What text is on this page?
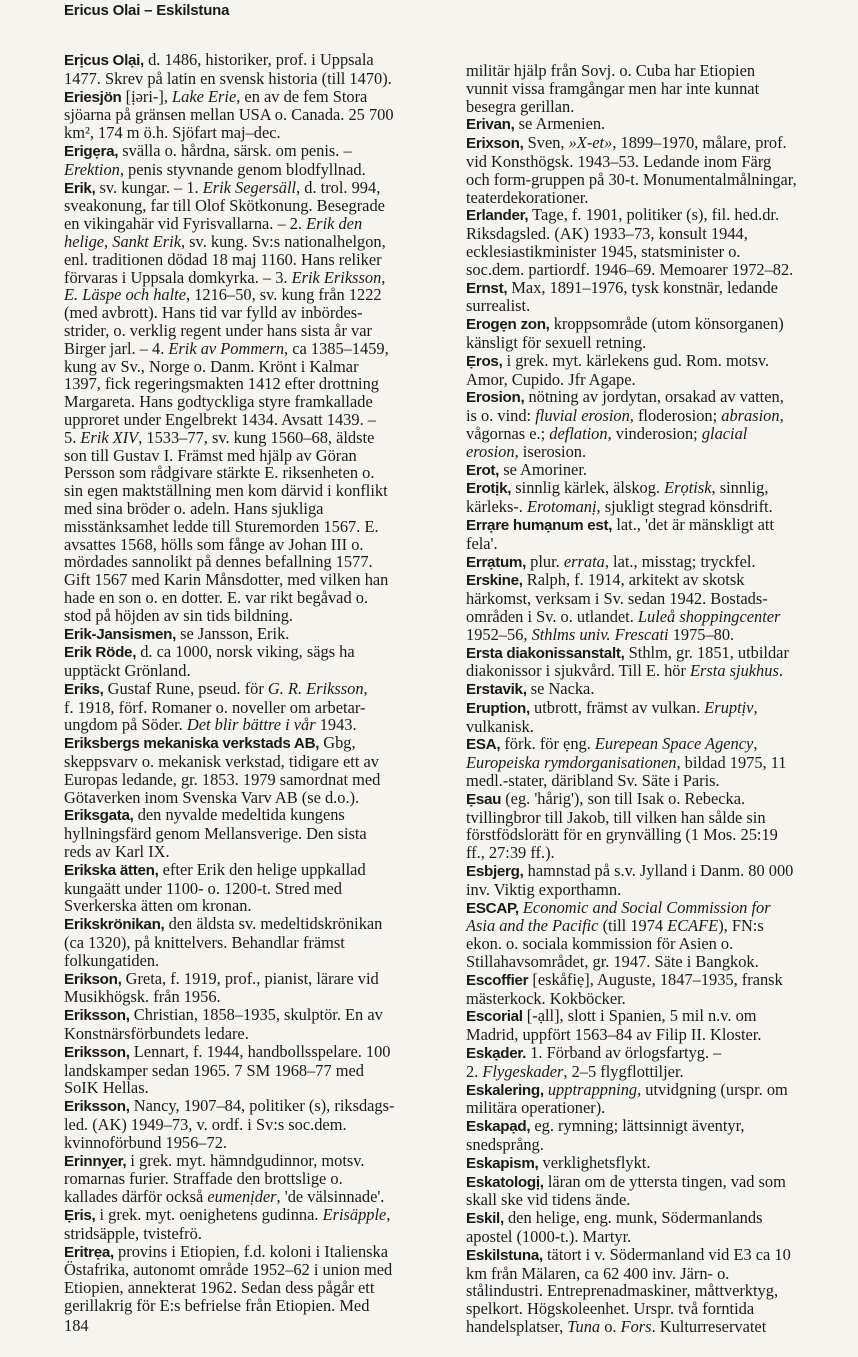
Ericus Olai – Eskilstuna
Erịcus Olại, d. 1486, historiker, prof. i Uppsala
1477. Skrev på latin en svensk historia (till 1470).
Eriesjön [ịəri-], Lake Erie, en av de fem Stora
sjöarna på gränsen mellan USA o. Canada. 25 700
km², 174 m ö.h. Sjöfart maj–dec.
Erigẹra, svälla o. hårdna, särsk. om penis. –
Erektion, penis styvnande genom blodfyllnad.
Erik, sv. kungar. – 1. Erik Segersäll, d. trol. 994,
sveakonung, far till Olof Skötkonung. Besegrade
en vikingahär vid Fyrisvallarna. – 2. Erik den
helige, Sankt Erik, sv. kung. Sv:s nationalhelgon,
enl. traditionen dödad 18 maj 1160. Hans reliker
förvaras i Uppsala domkyrka. – 3. Erik Eriksson,
E. Läspe och halte, 1216–50, sv. kung från 1222
(med avbrott). Hans tid var fylld av inbördes-
strider, o. verklig regent under hans sista år var
Birger jarl. – 4. Erik av Pommern, ca 1385–1459,
kung av Sv., Norge o. Danm. Krönt i Kalmar
1397, fick regeringsmakten 1412 efter drottning
Margareta. Hans godtyckliga styre framkallade
upproret under Engelbrekt 1434. Avsatt 1439. –
5. Erik XIV, 1533–77, sv. kung 1560–68, äldste
son till Gustav I. Främst med hjälp av Göran
Persson som rådgivare stärkte E. riksenheten o.
sin egen maktställning men kom därvid i konflikt
med sina bröder o. adeln. Hans sjukliga
misstänksamhet ledde till Sturemorden 1567. E.
avsattes 1568, hölls som fånge av Johan III o.
mördades sannolikt på dennes befallning 1577.
Gift 1567 med Karin Månsdotter, med vilken han
hade en son o. en dotter. E. var rikt begåvad o.
stod på höjden av sin tids bildning.
Erik-Jansismen, se Jansson, Erik.
Erik Röde, d. ca 1000, norsk viking, sägs ha
upptäckt Grönland.
Eriks, Gustaf Rune, pseud. för G. R. Eriksson,
f. 1918, förf. Romaner o. noveller om arbetar-
ungdom på Söder. Det blir bättre i vår 1943.
Eriksbergs mekaniska verkstads AB, Gbg,
skeppsvarv o. mekanisk verkstad, tidigare ett av
Europas ledande, gr. 1853. 1979 samordnat med
Götaverken inom Svenska Varv AB (se d.o.).
Eriksgata, den nyvalde medeltida kungens
hyllningsfärd genom Mellansverige. Den sista
reds av Karl IX.
Erikska ätten, efter Erik den helige uppkallad
kungaätt under 1100- o. 1200-t. Stred med
Sverkerska ätten om kronan.
Erikskrönikan, den äldsta sv. medeltidskrönikan
(ca 1320), på knittelvers. Behandlar främst
folkungatiden.
Erikson, Greta, f. 1919, prof., pianist, lärare vid
Musikhögsk. från 1956.
Eriksson, Christian, 1858–1935, skulptör. En av
Konstnärsförbundets ledare.
Eriksson, Lennart, f. 1944, handbollsspelare. 100
landskamper sedan 1965. 7 SM 1968–77 med
SoIK Hellas.
Eriksson, Nancy, 1907–84, politiker (s), riksdags-
led. (AK) 1949–73, v. ordf. i Sv:s soc.dem.
kvinnoförbund 1956–72.
Erinnỵer, i grek. myt. hämndgudinnor, motsv.
romarnas furier. Straffade den brottslige o.
kallades därför också eumenịder, 'de välsinnade'.
Ẹris, i grek. myt. oenighetens gudinna. Erisäpple,
stridsäpple, tvistefrö.
Eritrẹa, provins i Etiopien, f.d. koloni i Italienska
Östafrika, autonomt område 1952–62 i union med
Etiopien, annekterat 1962. Sedan dess pågår ett
gerillakrig för E:s befrielse från Etiopien. Med
militär hjälp från Sovj. o. Cuba har Etiopien
vunnit vissa framgångar men har inte kunnat
besegra gerillan.
Erivan, se Armenien.
Erixson, Sven, »X-et», 1899–1970, målare, prof.
vid Konsthögsk. 1943–53. Ledande inom Färg
och form-gruppen på 30-t. Monumentalmålningar,
teaterdekorationer.
Erlander, Tage, f. 1901, politiker (s), fil. hed.dr.
Riksdagsled. (AK) 1933–73, konsult 1944,
ecklesiastikminister 1945, statsminister o.
soc.dem. partiordf. 1946–69. Memoarer 1972–82.
Ernst, Max, 1891–1976, tysk konstnär, ledande
surrealist.
Erogẹn zon, kroppsområde (utom könsorganen)
känsligt för sexuell retning.
Ẹros, i grek. myt. kärlekens gud. Rom. motsv.
Amor, Cupido. Jfr Agape.
Erosion, nötning av jordytan, orsakad av vatten,
is o. vind: fluvial erosion, floderosion; abrasion,
vågornas e.; deflation, vinderosion; glacial
erosion, iserosion.
Erot, se Amoriner.
Erotịk, sinnlig kärlek, älskog. Erọtisk, sinnlig,
kärleks-. Erotomanị, sjukligt stegrad könsdrift.
Errạre humạnum est, lat., 'det är mänskligt att
fela'.
Errạtum, plur. errata, lat., misstag; tryckfel.
Erskine, Ralph, f. 1914, arkitekt av skotsk
härkomst, verksam i Sv. sedan 1942. Bostads-
områden i Sv. o. utlandet. Luleå shoppingcenter
1952–56, Sthlms univ. Frescati 1975–80.
Ersta diakonissanstalt, Sthlm, gr. 1851, utbildar
diakonissor i sjukvård. Till E. hör Ersta sjukhus.
Erstavik, se Nacka.
Eruption, utbrott, främst av vulkan. Eruptịv,
vulkanisk.
ESA, förk. för ẹng. Eurepean Space Agency,
Europeiska rymdorganisationen, bildad 1975, 11
medl.-stater, däribland Sv. Säte i Paris.
Ẹsau (eg. 'hårig'), son till Isak o. Rebecka.
tvillingbror till Jakob, till vilken han sålde sin
förstfödslorätt för en grynvälling (1 Mos. 25:19
ff., 27:39 ff.).
Esbjerg, hamnstad på s.v. Jylland i Danm. 80 000
inv. Viktig exporthamn.
ESCAP, Economic and Social Commission for
Asia and the Pacific (till 1974 ECAFE), FN:s
ekon. o. sociala kommission för Asien o.
Stillahavsområdet, gr. 1947. Säte i Bangkok.
Escoffier [eskåfiẹ], Auguste, 1847–1935, fransk
mästerkock. Kokböcker.
Escorial [-ạll], slott i Spanien, 5 mil n.v. om
Madrid, uppfört 1563–84 av Filip II. Kloster.
Eskạder. 1. Förband av örlogsfartyg. –
2. Flygeskader, 2–5 flygflottiljer.
Eskalering, upptrappning, utvidgning (urspr. om
militära operationer).
Eskapạd, eg. rymning; lättsinnigt äventyr,
snedsprång.
Eskapism, verklighetsflykt.
Eskatologị, läran om de yttersta tingen, vad som
skall ske vid tidens ände.
Eskil, den helige, eng. munk, Södermanlands
apostel (1000-t.). Martyr.
Eskilstuna, tätort i v. Södermanland vid E3 ca 10
km från Mälaren, ca 62 400 inv. Järn- o.
stålindustri. Entreprenadmaskiner, måttverktyg,
spelkort. Högskoleenhet. Urspr. två forntida
handelsplatser, Tuna o. Fors. Kulturreservatet
184
